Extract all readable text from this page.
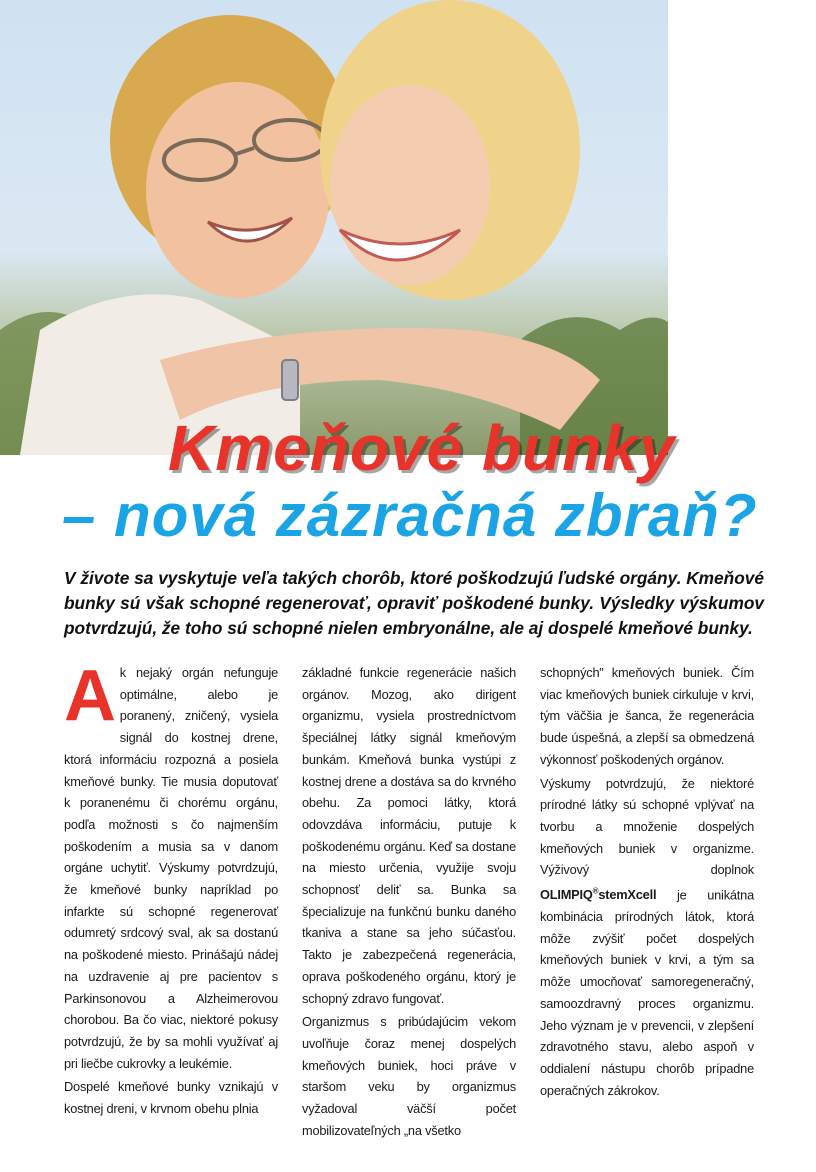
Kmeňové bunky
– nová zázračná zbraň?

V živote sa vyskytuje veľa takých chorôb, ktoré poškodzujú ľudské orgány. Kmeňové bunky sú však schopné regenerovať, opraviť poškodené bunky. Výsledky výskumov potvrdzujú, že toho sú schopné nielen embryonálne, ale aj dospelé kmeňové bunky.

Ak nejaký orgán nefunguje optimálne, alebo je poranený, zničený, vysiela signál do kostnej drene, ktorá informáciu rozpozná a posiela kmeňové bunky. Tie musia doputovať k poranenému či chorému orgánu, podľa možnosti s čo najmenším poškodením a musia sa v danom orgáne uchytiť. Výskumy potvrdzujú, že kmeňové bunky napríklad po infarkte sú schopné regenerovať odumretý srdcový sval, ak sa dostanú na poškodené miesto. Prinášajú nádej na uzdravenie aj pre pacientov s Parkinsonovou a Alzheimerovou chorobou. Ba čo viac, niektoré pokusy potvrdzujú, že by sa mohli využívať aj pri liečbe cukrovky a leukémie.

Dospelé kmeňové bunky vznikajú v kostnej dreni, v krvnom obehu plnia

základné funkcie regenerácie našich orgánov. Mozog, ako dirigent organizmu, vysiela prostredníctvom špeciálnej látky signál kmeňovým bunkám. Kmeňová bunka vystúpi z kostnej drene a dostáva sa do krvného obehu. Za pomoci látky, ktorá odovzdáva informáciu, putuje k poškodenému orgánu. Keď sa dostane na miesto určenia, využije svoju schopnosť deliť sa. Bunka sa špecializuje na funkčnú bunku daného tkaniva a stane sa jeho súčasťou. Takto je zabezpečená regenerácia, oprava poškodeného orgánu, ktorý je schopný zdravo fungovať.

Organizmus s pribúdajúcim vekom uvoľňuje čoraz menej dospelých kmeňových buniek, hoci práve v staršom veku by organizmus vyžadoval väčší počet mobilizovateľných „na všetko

schopných” kmeňových buniek. Čím viac kmeňových buniek cirkuluje v krvi, tým väčšia je šanca, že regenerácia bude úspešná, a zlepší sa obmedzená výkonnosť poškodených orgánov.

Výskumy potvrdzujú, že niektoré prírodné látky sú schopné vplývať na tvorbu a množenie dospelých kmeňových buniek v organizme. Výživový doplnok OLIMPIQ®stemXcell je unikátna kombinácia prírodných látok, ktorá môže zvýšiť počet dospelých kmeňových buniek v krvi, a tým sa môže umocňovať samoregeneračný, samoozdravný proces organizmu. Jeho význam je v prevencii, v zlepšení zdravotného stavu, alebo aspoň v oddialení nástupu chorôb prípadne operačných zákrokov.
